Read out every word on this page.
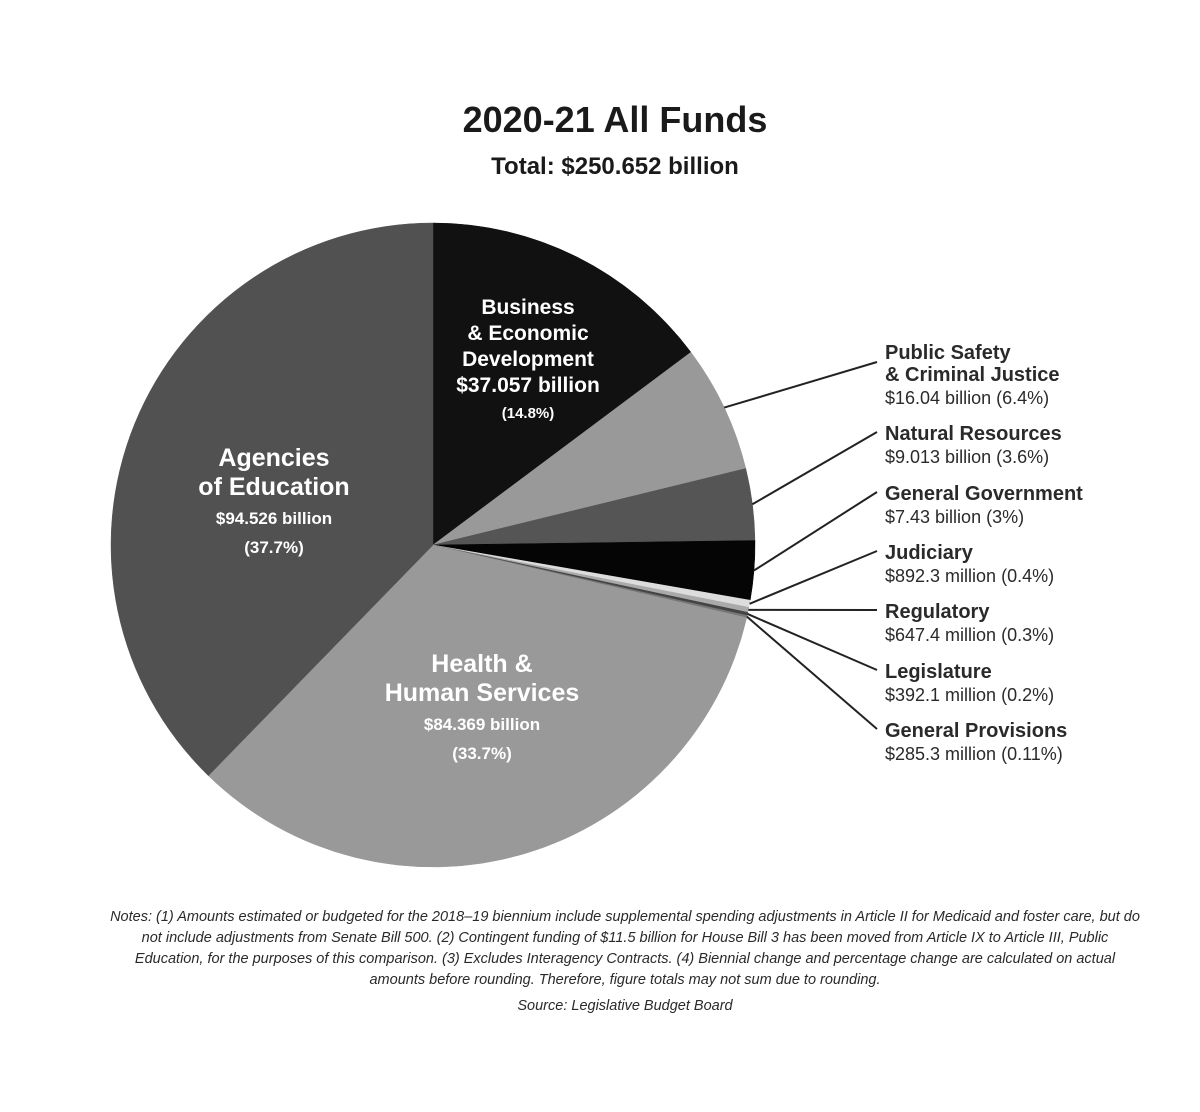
2020-21 All Funds
Total: $250.652 billion
Business
& Economic
Development
$37.057 billion
(14.8%)
Public Safety
& Criminal Justice
$16.04 billion (6.4%)
Natural Resources
$9.013 billion (3.6%)
General Government
$7.43 billion (3%)
Judiciary
$892.3 million (0.4%)
Regulatory
$647.4 million (0.3%)
Legislature
$392.1 million (0.2%)
General Provisions
$285.3 million (0.11%)
Health &
Human Services
$84.369 billion
(33.7%)
Agencies
of Education
$94.526 billion
(37.7%)
Notes: (1) Amounts estimated or budgeted for the 2018–19 biennium include supplemental spending adjustments in Article II for Medicaid and foster care, but do not include adjustments from Senate Bill 500. (2) Contingent funding of $11.5 billion for House Bill 3 has been moved from Article IX to Article III, Public Education, for the purposes of this comparison. (3) Excludes Interagency Contracts. (4) Biennial change and percentage change are calculated on actual amounts before rounding. Therefore, figure totals may not sum due to rounding.
Source: Legislative Budget Board
